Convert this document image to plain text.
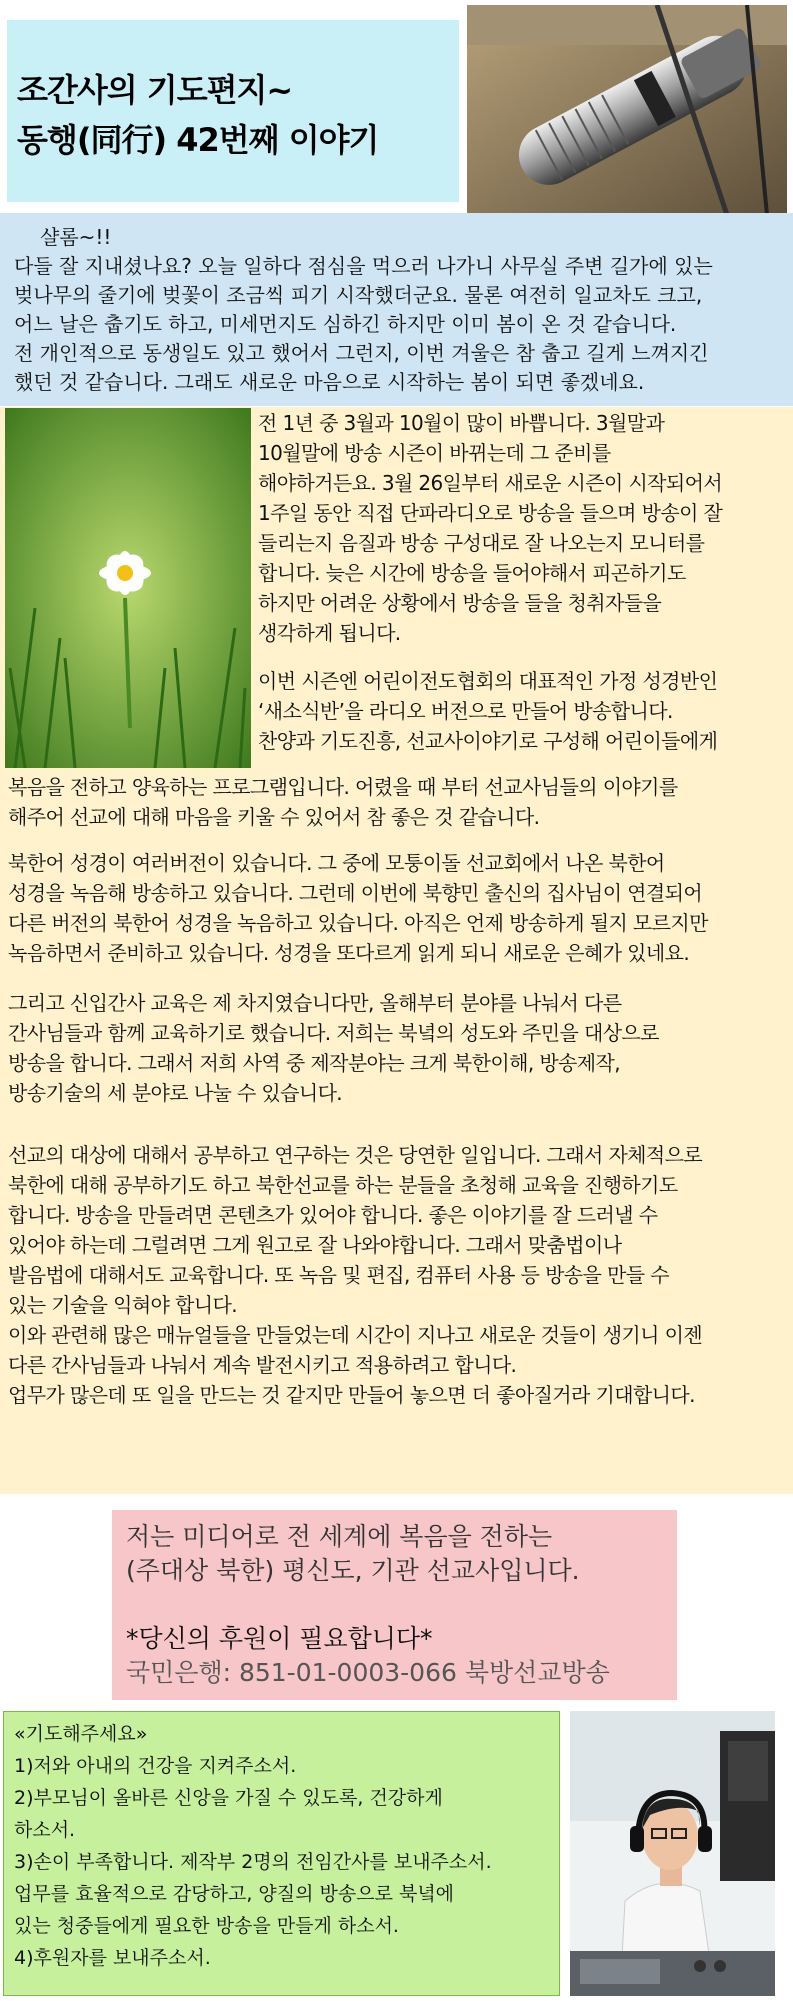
조간사의 기도편지~
동행(同行) 42번째 이야기
샬롬~!!
다들 잘 지내셨나요? 오늘 일하다 점심을 먹으러 나가니 사무실 주변 길가에 있는
벚나무의 줄기에 벚꽃이 조금씩 피기 시작했더군요. 물론 여전히 일교차도 크고,
어느 날은 춥기도 하고, 미세먼지도 심하긴 하지만 이미 봄이 온 것 같습니다.
전 개인적으로 동생일도 있고 했어서 그런지, 이번 겨울은 참 춥고 길게 느껴지긴
했던 것 같습니다. 그래도 새로운 마음으로 시작하는 봄이 되면 좋겠네요.
전 1년 중 3월과 10월이 많이 바쁩니다. 3월말과
10월말에 방송 시즌이 바뀌는데 그 준비를
해야하거든요. 3월 26일부터 새로운 시즌이 시작되어서
1주일 동안 직접 단파라디오로 방송을 들으며 방송이 잘
들리는지 음질과 방송 구성대로 잘 나오는지 모니터를
합니다. 늦은 시간에 방송을 들어야해서 피곤하기도
하지만 어려운 상황에서 방송을 들을 청취자들을
생각하게 됩니다.
이번 시즌엔 어린이전도협회의 대표적인 가정 성경반인
‘새소식반’을 라디오 버전으로 만들어 방송합니다.
찬양과 기도진흥, 선교사이야기로 구성해 어린이들에게
복음을 전하고 양육하는 프로그램입니다. 어렸을 때 부터 선교사님들의 이야기를
해주어 선교에 대해 마음을 키울 수 있어서 참 좋은 것 같습니다.
북한어 성경이 여러버전이 있습니다. 그 중에 모퉁이돌 선교회에서 나온 북한어
성경을 녹음해 방송하고 있습니다. 그런데 이번에 북향민 출신의 집사님이 연결되어
다른 버전의 북한어 성경을 녹음하고 있습니다. 아직은 언제 방송하게 될지 모르지만
녹음하면서 준비하고 있습니다. 성경을 또다르게 읽게 되니 새로운 은혜가 있네요.
그리고 신입간사 교육은 제 차지였습니다만, 올해부터 분야를 나눠서 다른
간사님들과 함께 교육하기로 했습니다. 저희는 북녘의 성도와 주민을 대상으로
방송을 합니다. 그래서 저희 사역 중 제작분야는 크게 북한이해, 방송제작,
방송기술의 세 분야로 나눌 수 있습니다.
선교의 대상에 대해서 공부하고 연구하는 것은 당연한 일입니다. 그래서 자체적으로
북한에 대해 공부하기도 하고 북한선교를 하는 분들을 초청해 교육을 진행하기도
합니다. 방송을 만들려면 콘텐츠가 있어야 합니다. 좋은 이야기를 잘 드러낼 수
있어야 하는데 그럴려면 그게 원고로 잘 나와야합니다. 그래서 맞춤법이나
발음법에 대해서도 교육합니다. 또 녹음 및 편집, 컴퓨터 사용 등 방송을 만들 수
있는 기술을 익혀야 합니다.
이와 관련해 많은 매뉴얼들을 만들었는데 시간이 지나고 새로운 것들이 생기니 이젠
다른 간사님들과 나눠서 계속 발전시키고 적용하려고 합니다.
업무가 많은데 또 일을 만드는 것 같지만 만들어 놓으면 더 좋아질거라 기대합니다.
저는 미디어로 전 세계에 복음을 전하는
(주대상 북한) 평신도, 기관 선교사입니다.
*당신의 후원이 필요합니다*
국민은행: 851-01-0003-066 북방선교방송
«기도해주세요»
1)저와 아내의 건강을 지켜주소서.
2)부모님이 올바른 신앙을 가질 수 있도록, 건강하게
하소서.
3)손이 부족합니다. 제작부 2명의 전임간사를 보내주소서.
업무를 효율적으로 감당하고, 양질의 방송으로 북녘에
있는 청중들에게 필요한 방송을 만들게 하소서.
4)후원자를 보내주소서.
